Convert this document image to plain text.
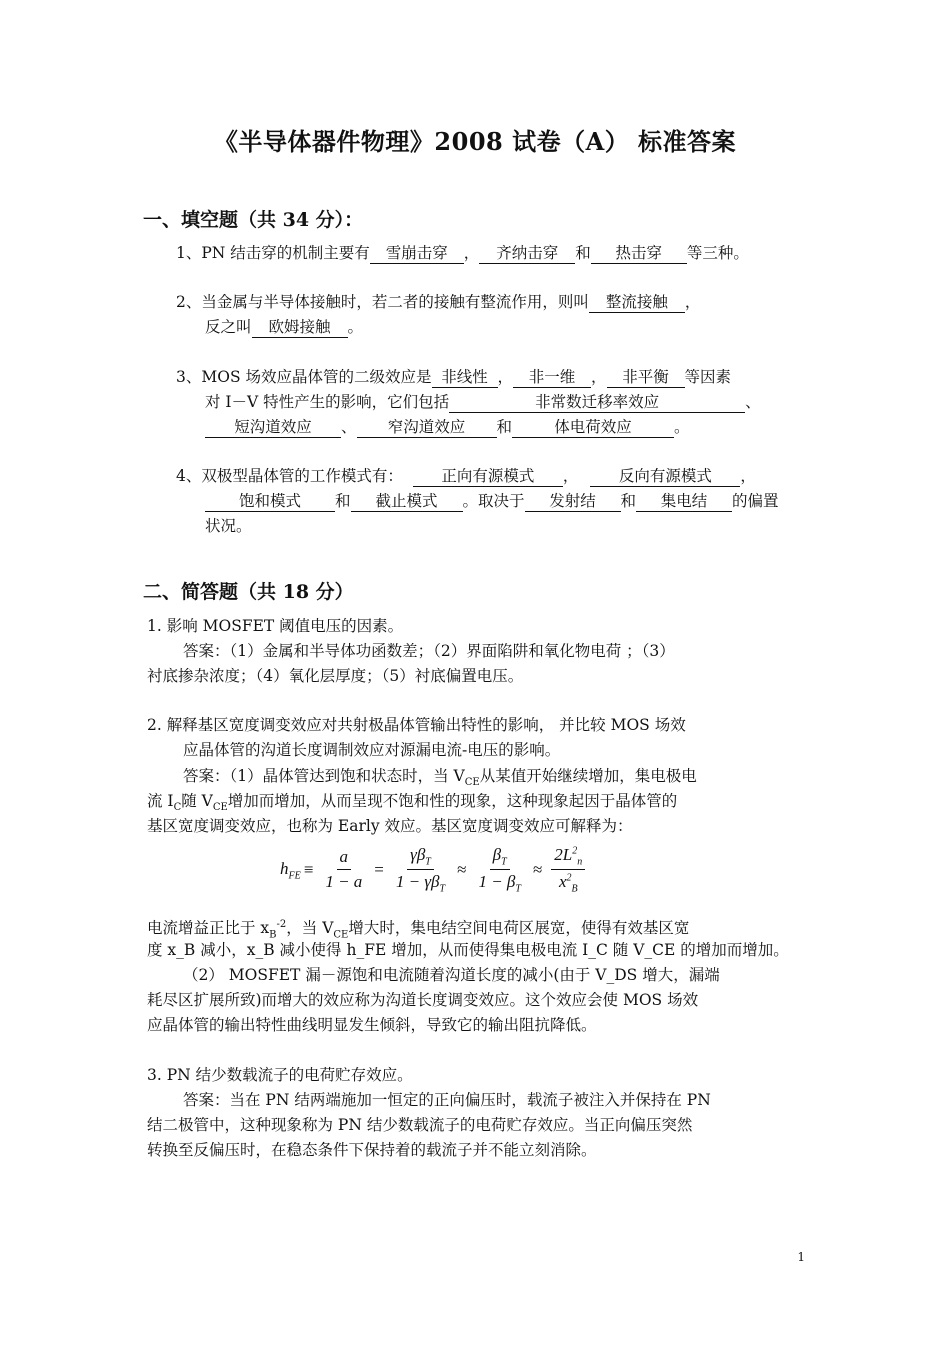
《半导体器件物理》2008 试卷（A） 标准答案
一、填空题（共 34 分）：
1、PN 结击穿的机制主要有 雪崩击穿 ， 齐纳击穿 和 热击穿 等三种。
2、当金属与半导体接触时，若二者的接触有整流作用，则叫 整流接触 ，
反之叫 欧姆接触 。
3、MOS 场效应晶体管的二级效应是 非线性 ， 非一维 ， 非平衡 等因素
对 I－V 特性产生的影响，它们包括	非常数迁移率效应	、
短沟道效应 、 窄沟道效应 和	体电荷效应	。
4、双极型晶体管的工作模式有： 正向有源模式 ，	反向有源模式 ，
饱和模式 和 截止模式 。取决于 发射结 和 集电结 的偏置
状况。
二、简答题（共 18 分）
1. 影响 MOSFET 阈值电压的因素。
答案：（1）金属和半导体功函数差；（2）界面陷阱和氧化物电荷 ；（3）
衬底掺杂浓度；（4）氧化层厚度；（5）衬底偏置电压。
2. 解释基区宽度调变效应对共射极晶体管输出特性的影响， 并比较 MOS 场效
应晶体管的沟道长度调制效应对源漏电流-电压的影响。
答案：（1）晶体管达到饱和状态时，当 $V_{CE}$从某值开始继续增加，集电极电
流 $I_C$随 $V_{CE}$增加而增加，从而呈现不饱和性的现象，这种现象起因于晶体管的
基区宽度调变效应，也称为 Early 效应。基区宽度调变效应可解释为：
$h_{FE} \equiv \frac{a}{1 - a} = \frac{\gamma\beta_T}{1 - \gamma\beta_T} \approx \frac{\beta_T}{1 - \beta_T} \approx \frac{2L^2_n}{x^2_B}$
电流增益正比于 $x_B^{-2}$，当 $V_{CE}$增大时，集电结空间电荷区展宽，使得有效基区宽
度 x_B 减小，x_B 减小使得 h_FE 增加，从而使得集电极电流 I_C 随 V_CE 的增加而增加。
（2） MOSFET 漏－源饱和电流随着沟道长度的减小(由于 V_DS 增大，漏端
耗尽区扩展所致)而增大的效应称为沟道长度调变效应。这个效应会使 MOS 场效
应晶体管的输出特性曲线明显发生倾斜，导致它的输出阻抗降低。
3. PN 结少数载流子的电荷贮存效应。
答案：当在 PN 结两端施加一恒定的正向偏压时，载流子被注入并保持在 PN
结二极管中，这种现象称为 PN 结少数载流子的电荷贮存效应。当正向偏压突然
转换至反偏压时，在稳态条件下保持着的载流子并不能立刻消除。
1
